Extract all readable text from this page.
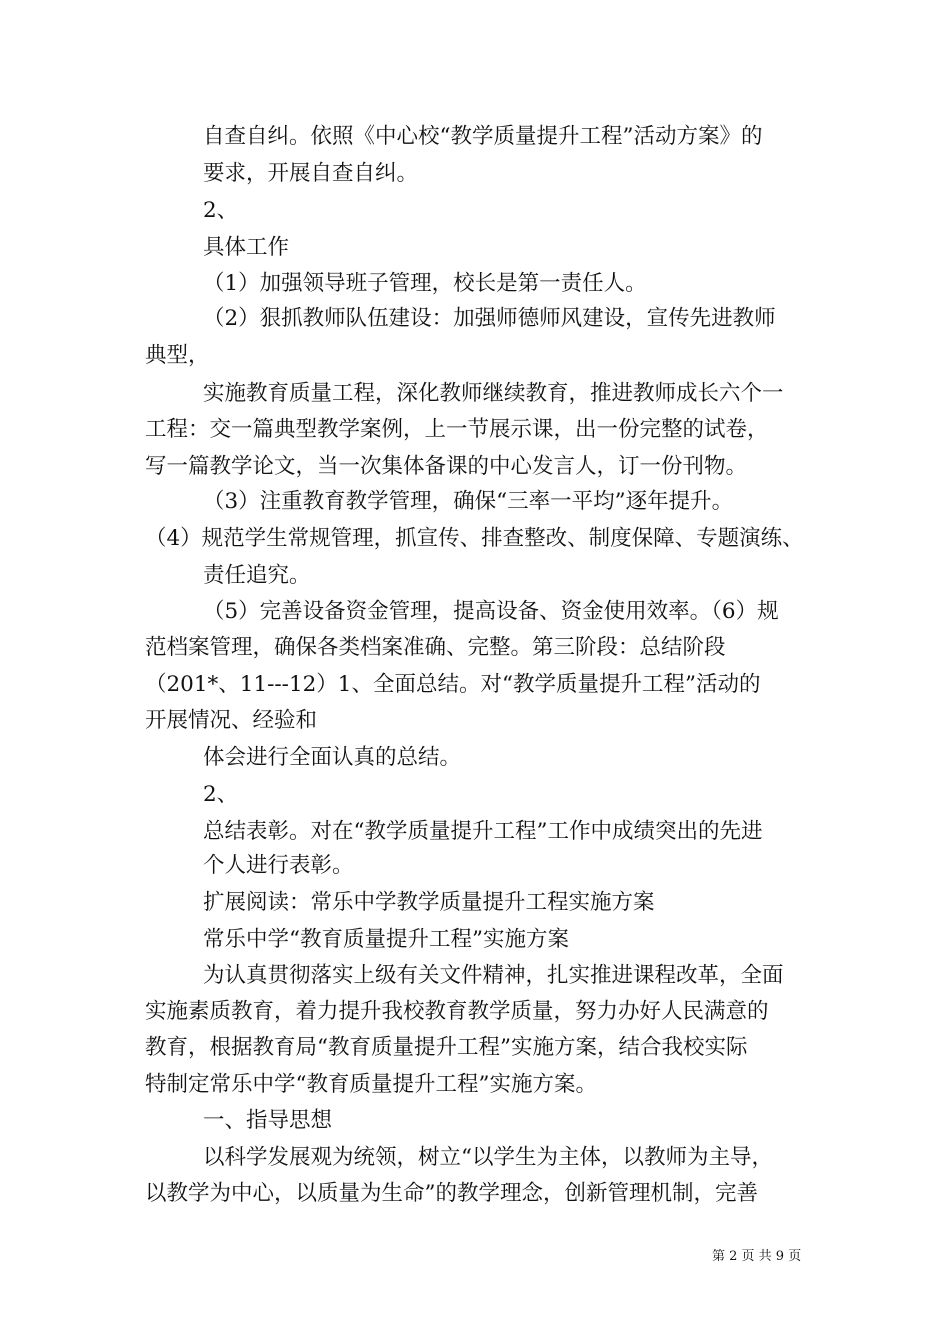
自查自纠。依照《中心校“教学质量提升工程”活动方案》的
要求，开展自查自纠。
2、
具体工作
（1）加强领导班子管理，校长是第一责任人。
（2）狠抓教师队伍建设：加强师德师风建设，宣传先进教师
典型，
实施教育质量工程，深化教师继续教育，推进教师成长六个一
工程：交一篇典型教学案例，上一节展示课，出一份完整的试卷，
写一篇教学论文，当一次集体备课的中心发言人，订一份刊物。
（3）注重教育教学管理，确保“三率一平均”逐年提升。
（4）规范学生常规管理，抓宣传、排查整改、制度保障、专题演练、
责任追究。
（5）完善设备资金管理，提高设备、资金使用效率。（6）规
范档案管理，确保各类档案准确、完整。第三阶段：总结阶段
（201*、11---12）1、全面总结。对“教学质量提升工程”活动的
开展情况、经验和
体会进行全面认真的总结。
2、
总结表彰。对在“教学质量提升工程”工作中成绩突出的先进
个人进行表彰。
扩展阅读：常乐中学教学质量提升工程实施方案
常乐中学“教育质量提升工程”实施方案
为认真贯彻落实上级有关文件精神，扎实推进课程改革，全面
实施素质教育，着力提升我校教育教学质量，努力办好人民满意的
教育，根据教育局“教育质量提升工程”实施方案，结合我校实际
特制定常乐中学“教育质量提升工程”实施方案。
一、指导思想
以科学发展观为统领，树立“以学生为主体，以教师为主导，
以教学为中心，以质量为生命”的教学理念，创新管理机制，完善
第 2 页 共 9 页
